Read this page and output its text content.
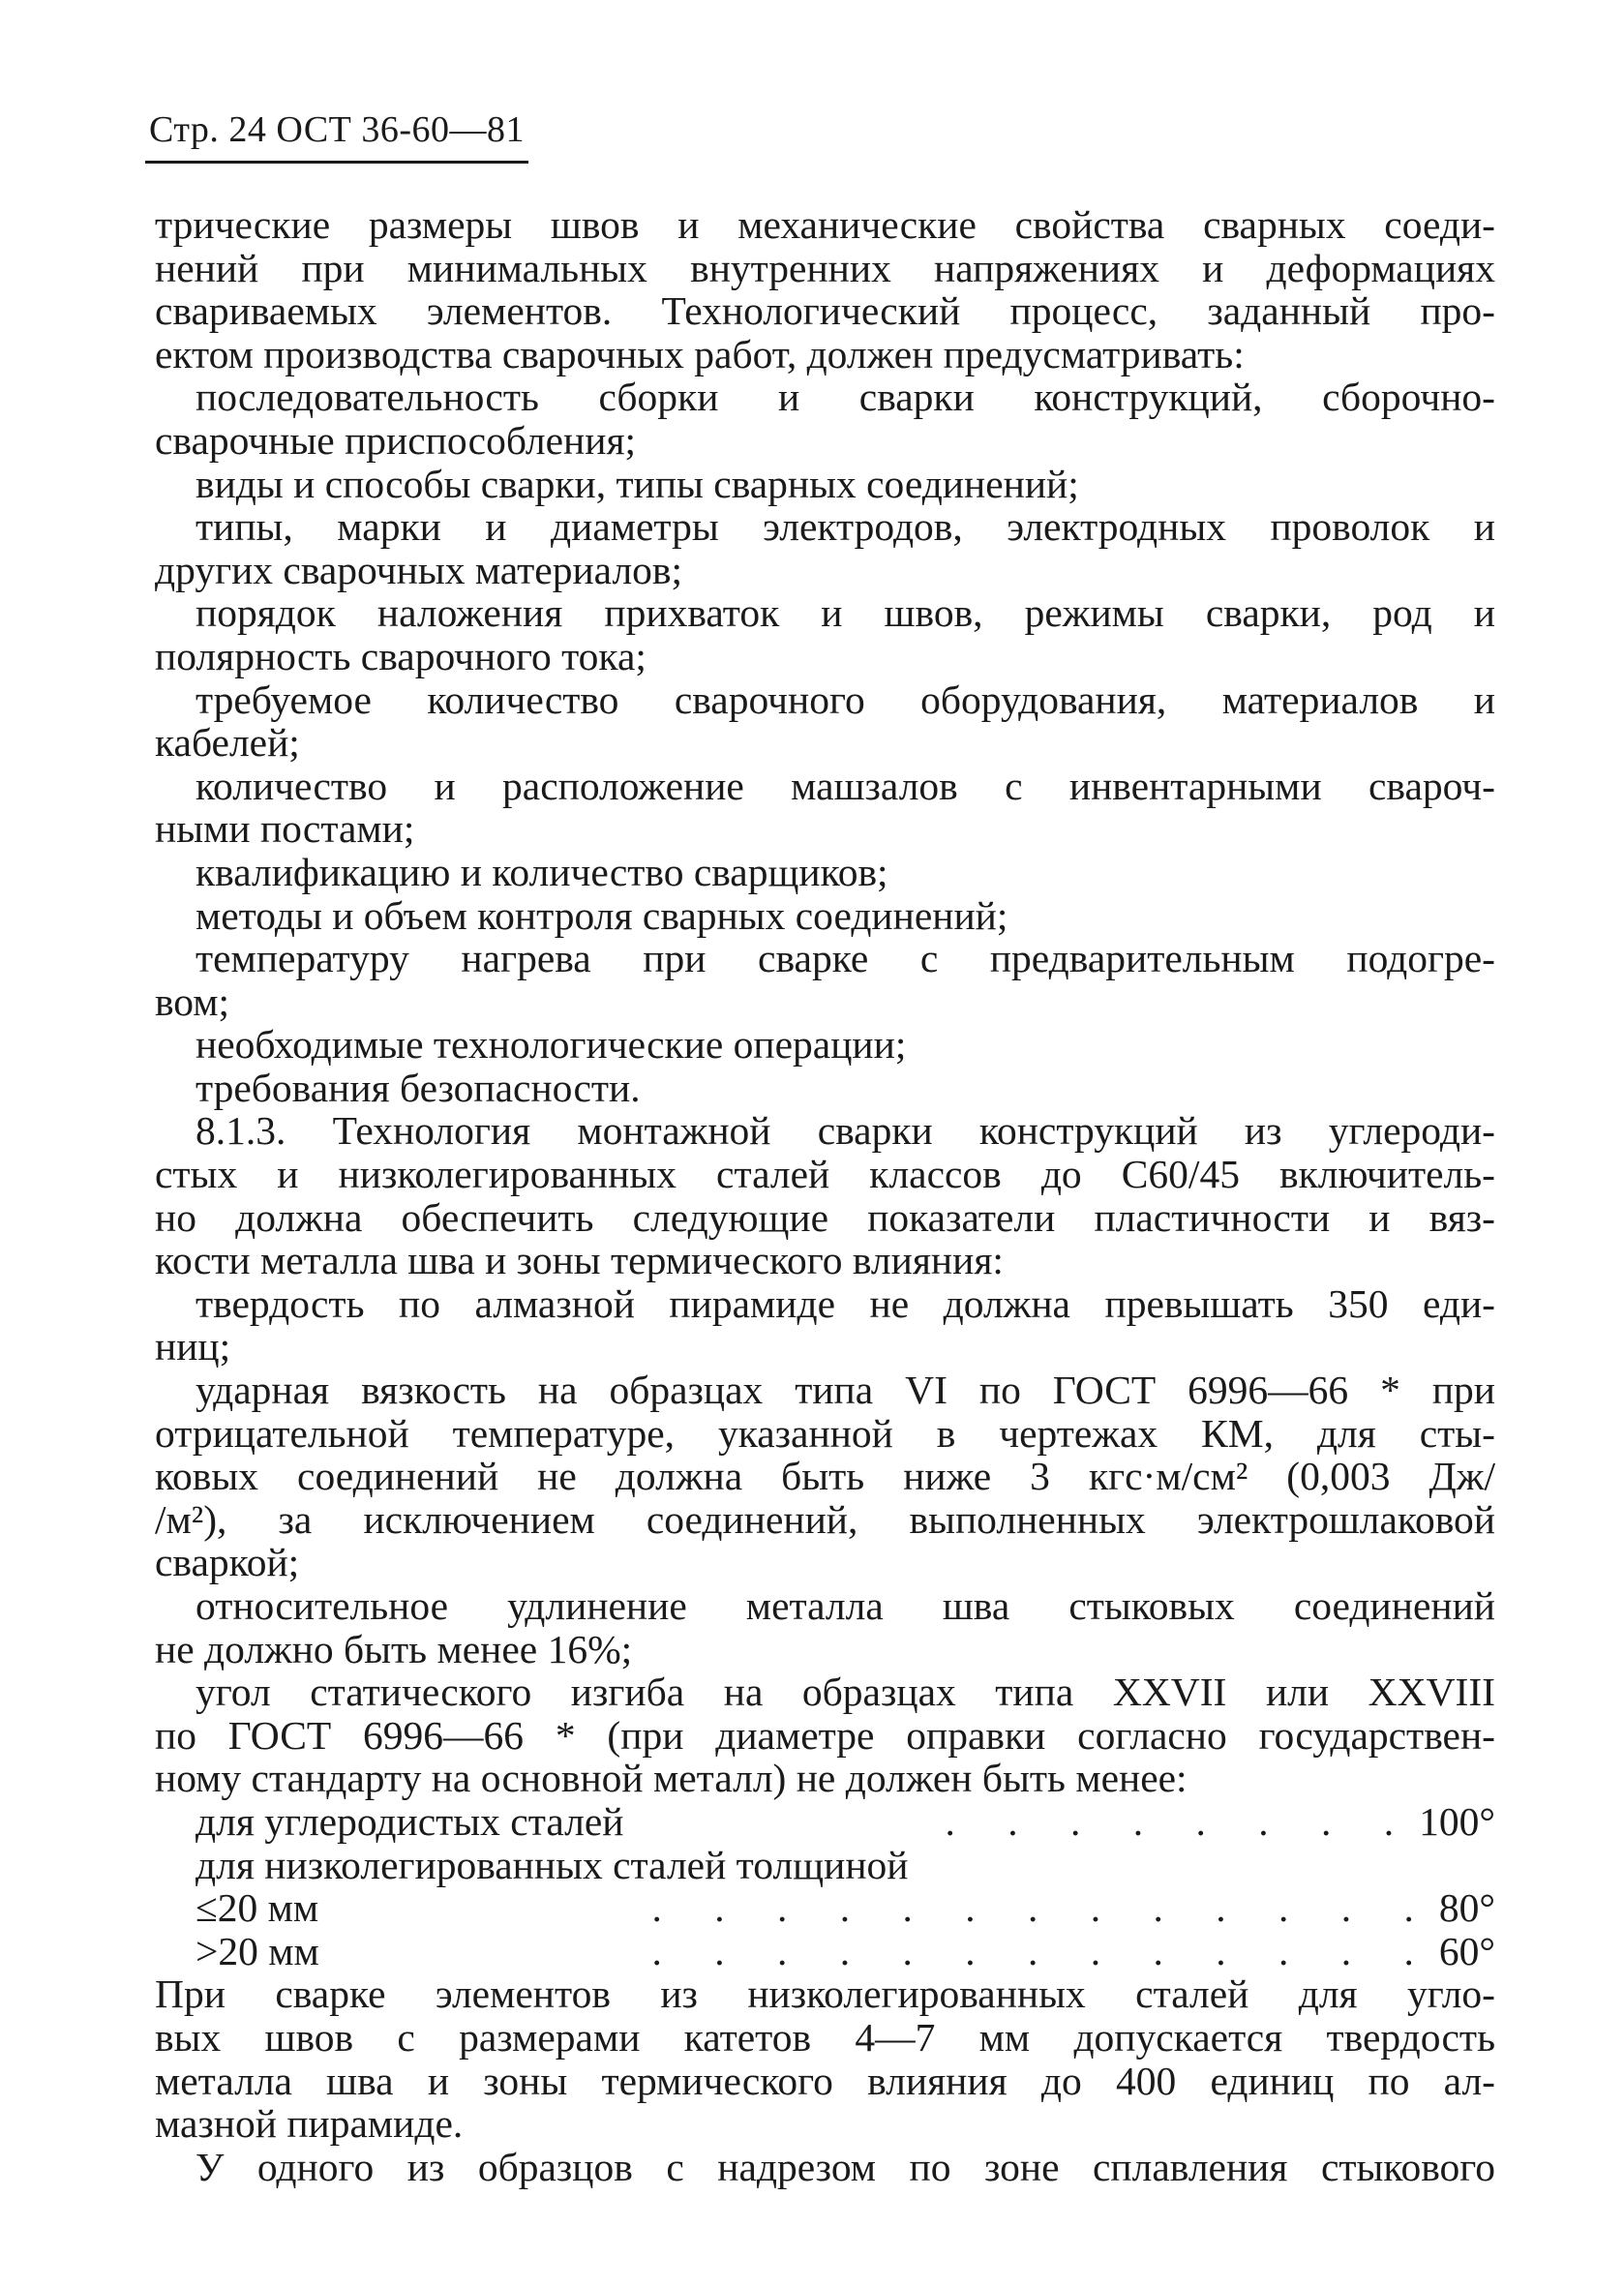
Стр. 24 ОСТ 36-60—81
трические размеры швов и механические свойства сварных соеди-
нений при минимальных внутренних напряжениях и деформациях
свариваемых элементов. Технологический процесс, заданный про-
ектом производства сварочных работ, должен предусматривать:
последовательность сборки и сварки конструкций, сборочно-
сварочные приспособления;
виды и способы сварки, типы сварных соединений;
типы, марки и диаметры электродов, электродных проволок и
других сварочных материалов;
порядок наложения прихваток и швов, режимы сварки, род и
полярность сварочного тока;
требуемое количество сварочного оборудования, материалов и
кабелей;
количество и расположение машзалов с инвентарными свароч-
ными постами;
квалификацию и количество сварщиков;
методы и объем контроля сварных соединений;
температуру нагрева при сварке с предварительным подогре-
вом;
необходимые технологические операции;
требования безопасности.
8.1.3. Технология монтажной сварки конструкций из углероди-
стых и низколегированных сталей классов до С60/45 включитель-
но должна обеспечить следующие показатели пластичности и вяз-
кости металла шва и зоны термического влияния:
твердость по алмазной пирамиде не должна превышать 350 еди-
ниц;
ударная вязкость на образцах типа VI по ГОСТ 6996—66 * при
отрицательной температуре, указанной в чертежах КМ, для сты-
ковых соединений не должна быть ниже 3 кгс·м/см² (0,003 Дж/
/м²), за исключением соединений, выполненных электрошлаковой
сваркой;
относительное удлинение металла шва стыковых соединений
не должно быть менее 16%;
угол статического изгиба на образцах типа XXVII или XXVIII
по ГОСТ 6996—66 * (при диаметре оправки согласно государствен-
ному стандарту на основной металл) не должен быть менее:
для углеродистых сталей	. . . . . . . . 100°
для низколегированных сталей толщиной
≤20 мм	. . . . . . . . . . . . . 80°
>20 мм	. . . . . . . . . . . . . 60°
При сварке элементов из низколегированных сталей для угло-
вых швов с размерами катетов 4—7 мм допускается твердость
металла шва и зоны термического влияния до 400 единиц по ал-
мазной пирамиде.
У одного из образцов с надрезом по зоне сплавления стыкового
